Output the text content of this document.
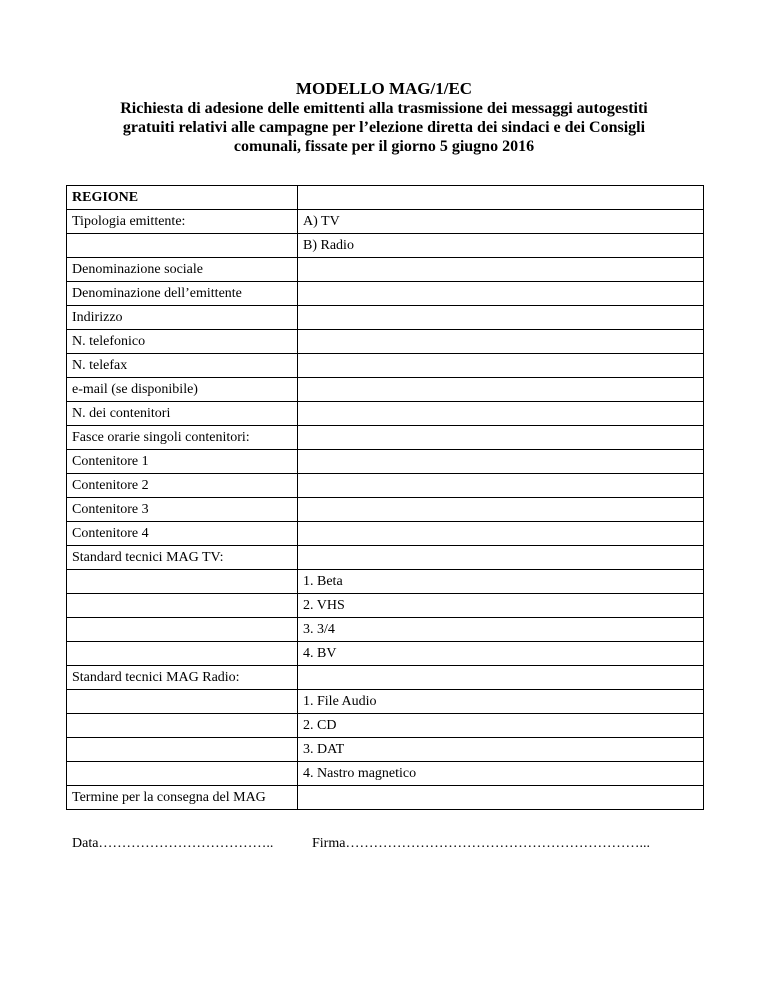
MODELLO MAG/1/EC
Richiesta di adesione delle emittenti alla trasmissione dei messaggi autogestiti
gratuiti relativi alle campagne per l’elezione diretta dei sindaci e dei Consigli
comunali, fissate per il giorno 5 giugno 2016
REGIONE	
Tipologia emittente:	A) TV
	B) Radio
Denominazione sociale	
Denominazione dell’emittente	
Indirizzo	
N. telefonico	
N. telefax	
e-mail (se disponibile)	
N. dei contenitori	
Fasce orarie singoli contenitori:	
Contenitore 1	
Contenitore 2	
Contenitore 3	
Contenitore 4	
Standard tecnici MAG TV:	
	1. Beta
	2. VHS
	3. 3/4
	4. BV
Standard tecnici MAG Radio:	
	1. File Audio
	2. CD
	3. DAT
	4. Nastro magnetico
Termine per la consegna del MAG	
Data………………………………..	Firma………………………………………………………...
